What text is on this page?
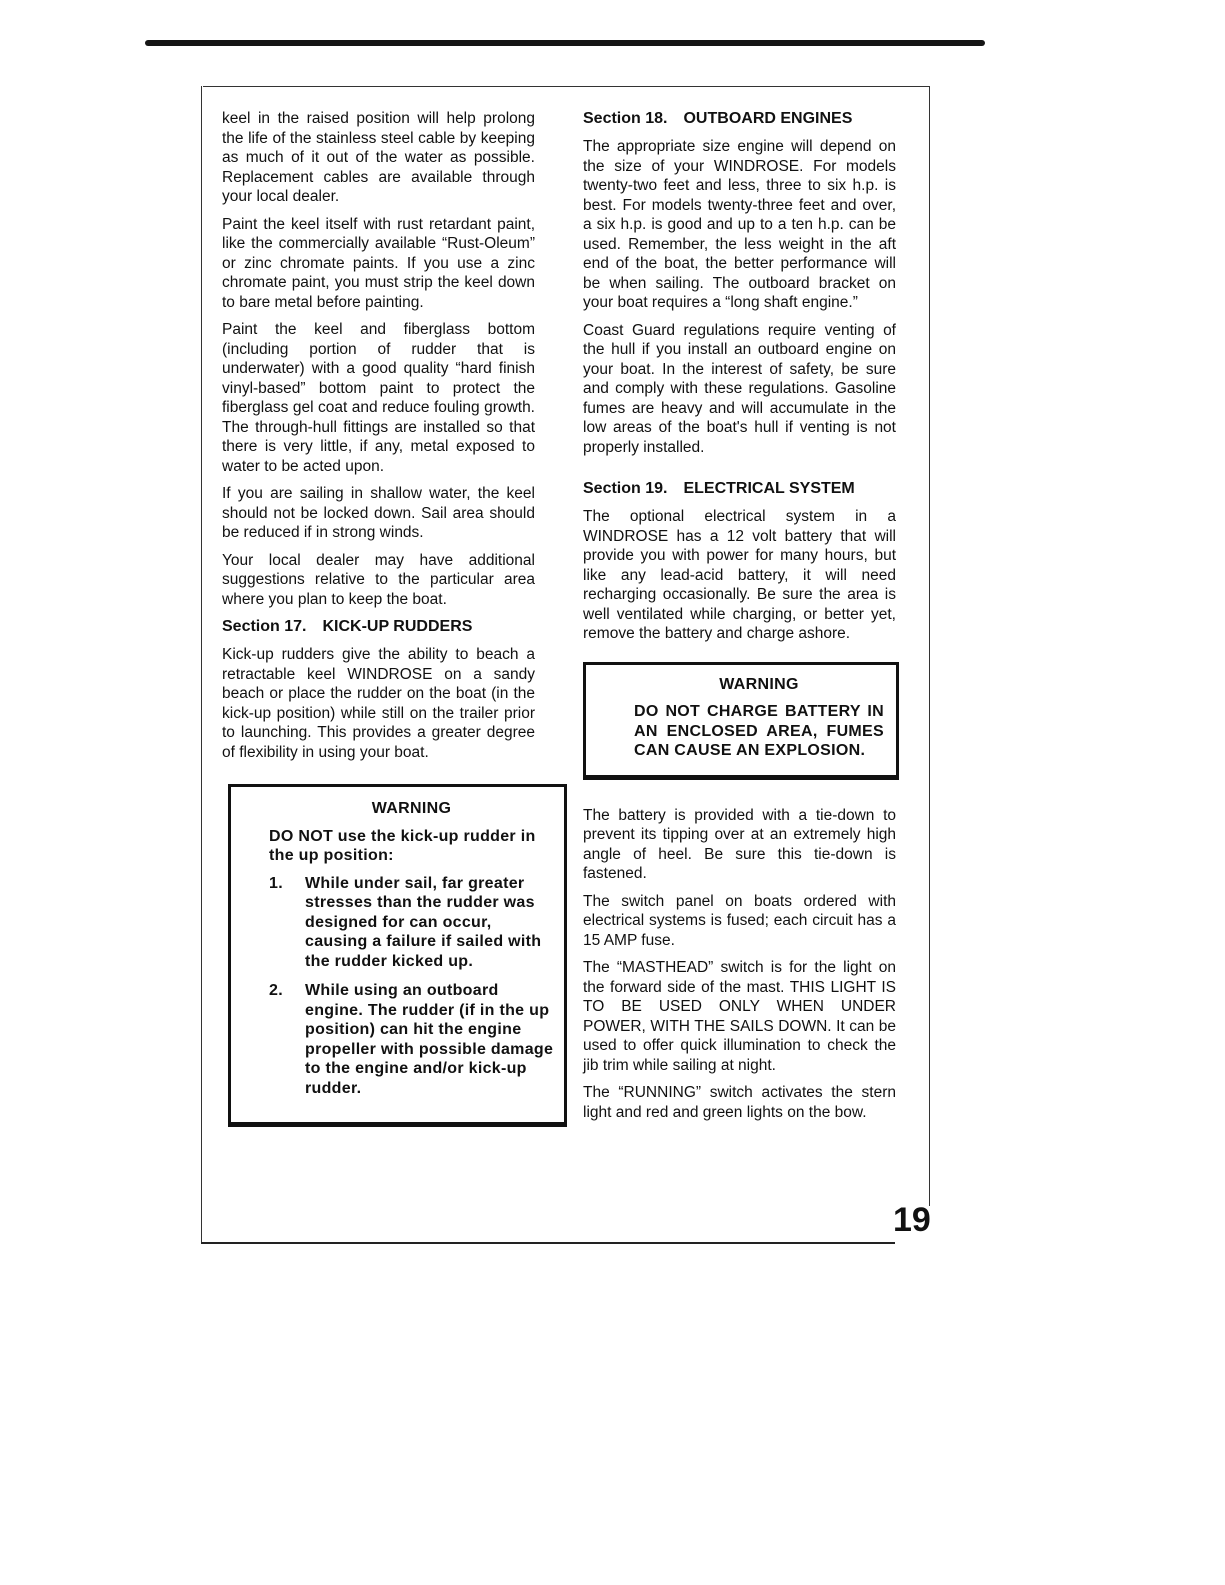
keel in the raised position will help prolong the life of the stainless steel cable by keeping as much of it out of the water as possible. Replacement cables are available through your local dealer.

Paint the keel itself with rust retardant paint, like the commercially available “Rust-Oleum” or zinc chromate paints. If you use a zinc chromate paint, you must strip the keel down to bare metal before painting.

Paint the keel and fiberglass bottom (including portion of rudder that is underwater) with a good quality “hard finish vinyl-based” bottom paint to protect the fiberglass gel coat and reduce fouling growth. The through-hull fittings are installed so that there is very little, if any, metal exposed to water to be acted upon.

If you are sailing in shallow water, the keel should not be locked down. Sail area should be reduced if in strong winds.

Your local dealer may have additional suggestions relative to the particular area where you plan to keep the boat.

Section 17. KICK-UP RUDDERS

Kick-up rudders give the ability to beach a retractable keel WINDROSE on a sandy beach or place the rudder on the boat (in the kick-up position) while still on the trailer prior to launching. This provides a greater degree of flexibility in using your boat.

WARNING
DO NOT use the kick-up rudder in the up position:
1. While under sail, far greater stresses than the rudder was designed for can occur, causing a failure if sailed with the rudder kicked up.
2. While using an outboard engine. The rudder (if in the up position) can hit the engine propeller with possible damage to the engine and/or kick-up rudder.
Section 18. OUTBOARD ENGINES

The appropriate size engine will depend on the size of your WINDROSE. For models twenty-two feet and less, three to six h.p. is best. For models twenty-three feet and over, a six h.p. is good and up to a ten h.p. can be used. Remember, the less weight in the aft end of the boat, the better performance will be when sailing. The outboard bracket on your boat requires a “long shaft engine.”

Coast Guard regulations require venting of the hull if you install an outboard engine on your boat. In the interest of safety, be sure and comply with these regulations. Gasoline fumes are heavy and will accumulate in the low areas of the boat's hull if venting is not properly installed.

Section 19. ELECTRICAL SYSTEM

The optional electrical system in a WINDROSE has a 12 volt battery that will provide you with power for many hours, but like any lead-acid battery, it will need recharging occasionally. Be sure the area is well ventilated while charging, or better yet, remove the battery and charge ashore.

WARNING
DO NOT CHARGE BATTERY IN AN ENCLOSED AREA, FUMES CAN CAUSE AN EXPLOSION.

The battery is provided with a tie-down to prevent its tipping over at an extremely high angle of heel. Be sure this tie-down is fastened.

The switch panel on boats ordered with electrical systems is fused; each circuit has a 15 AMP fuse.

The “MASTHEAD” switch is for the light on the forward side of the mast. THIS LIGHT IS TO BE USED ONLY WHEN UNDER POWER, WITH THE SAILS DOWN. It can be used to offer quick illumination to check the jib trim while sailing at night.

The “RUNNING” switch activates the stern light and red and green lights on the bow.

19
